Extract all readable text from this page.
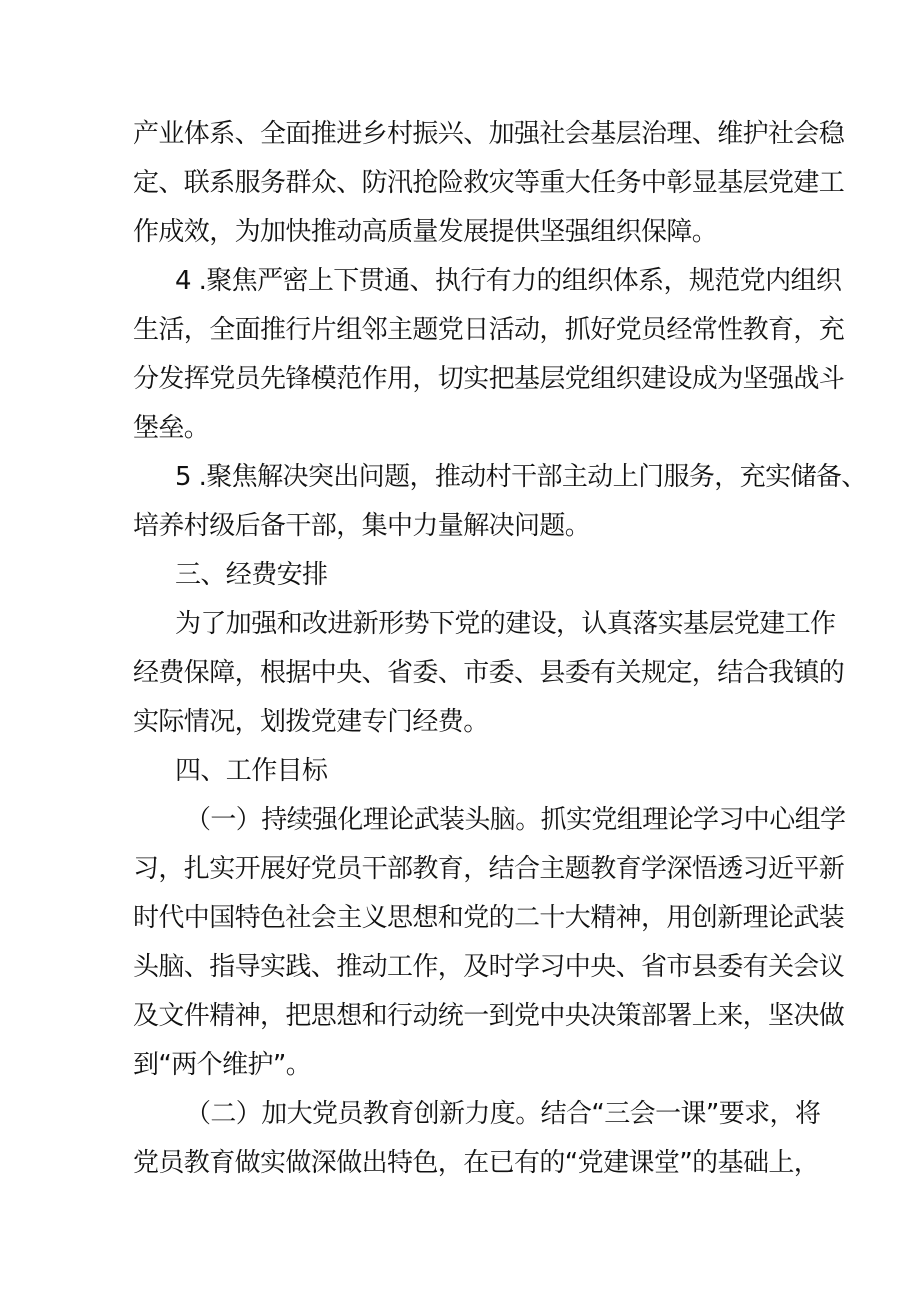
产业体系、全面推进乡村振兴、加强社会基层治理、维护社会稳
定、联系服务群众、防汛抢险救灾等重大任务中彰显基层党建工
作成效，为加快推动高质量发展提供坚强组织保障。
4 .聚焦严密上下贯通、执行有力的组织体系，规范党内组织
生活，全面推行片组邻主题党日活动，抓好党员经常性教育，充
分发挥党员先锋模范作用，切实把基层党组织建设成为坚强战斗
堡垒。
5 .聚焦解决突出问题，推动村干部主动上门服务，充实储备、
培养村级后备干部，集中力量解决问题。
三、经费安排
为了加强和改进新形势下党的建设，认真落实基层党建工作
经费保障，根据中央、省委、市委、县委有关规定，结合我镇的
实际情况，划拨党建专门经费。
四、工作目标
（一）持续强化理论武装头脑。抓实党组理论学习中心组学
习，扎实开展好党员干部教育，结合主题教育学深悟透习近平新
时代中国特色社会主义思想和党的二十大精神，用创新理论武装
头脑、指导实践、推动工作，及时学习中央、省市县委有关会议
及文件精神，把思想和行动统一到党中央决策部署上来，坚决做
到“两个维护”。
（二）加大党员教育创新力度。结合“三会一课”要求，将
党员教育做实做深做出特色，在已有的“党建课堂”的基础上，
